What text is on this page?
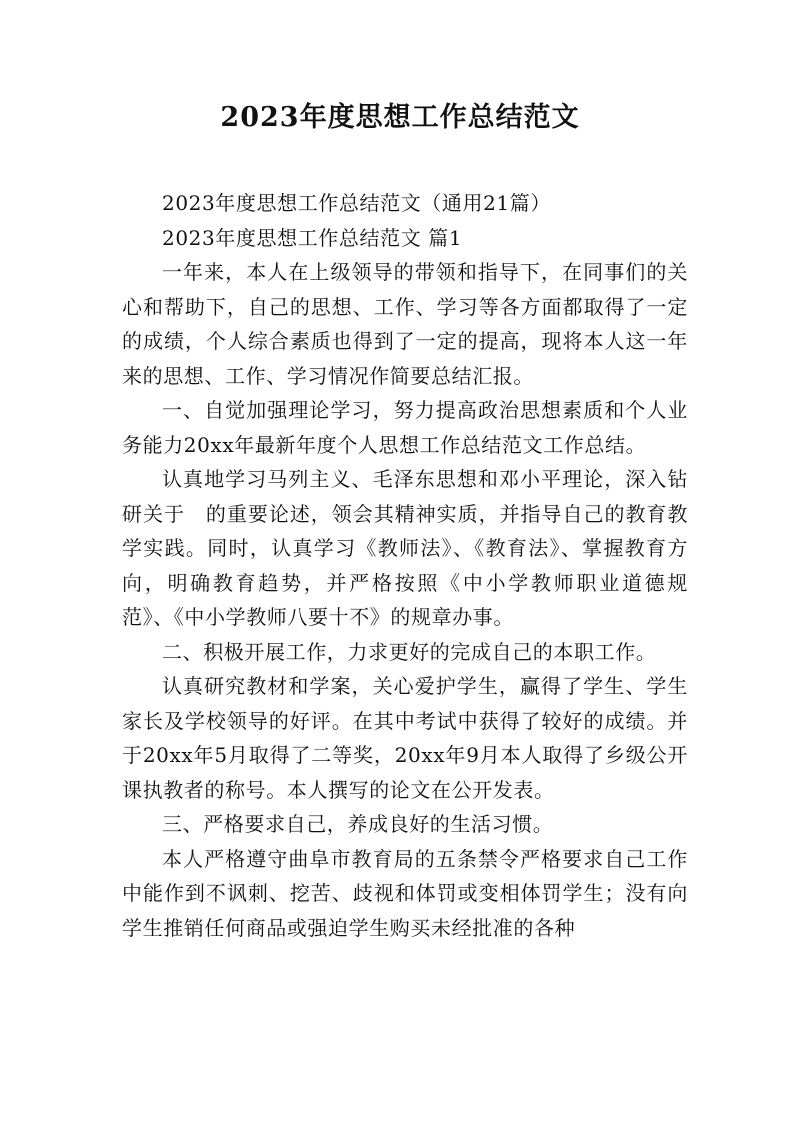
2023年度思想工作总结范文

2023年度思想工作总结范文（通用21篇）

2023年度思想工作总结范文 篇1

一年来，本人在上级领导的带领和指导下，在同事们的关心和帮助下，自己的思想、工作、学习等各方面都取得了一定的成绩，个人综合素质也得到了一定的提高，现将本人这一年来的思想、工作、学习情况作简要总结汇报。

一、自觉加强理论学习，努力提高政治思想素质和个人业务能力20xx年最新年度个人思想工作总结范文工作总结。

认真地学习马列主义、毛泽东思想和邓小平理论，深入钻研关于　的重要论述，领会其精神实质，并指导自己的教育教学实践。同时，认真学习《教师法》、《教育法》、掌握教育方向，明确教育趋势，并严格按照《中小学教师职业道德规范》、《中小学教师八要十不》的规章办事。

二、积极开展工作，力求更好的完成自己的本职工作。

认真研究教材和学案，关心爱护学生，赢得了学生、学生家长及学校领导的好评。在其中考试中获得了较好的成绩。并于20xx年5月取得了二等奖，20xx年9月本人取得了乡级公开课执教者的称号。本人撰写的论文在公开发表。

三、严格要求自己，养成良好的生活习惯。

本人严格遵守曲阜市教育局的五条禁令严格要求自己工作中能作到不讽刺、挖苦、歧视和体罚或变相体罚学生；没有向学生推销任何商品或强迫学生购买未经批准的各种
